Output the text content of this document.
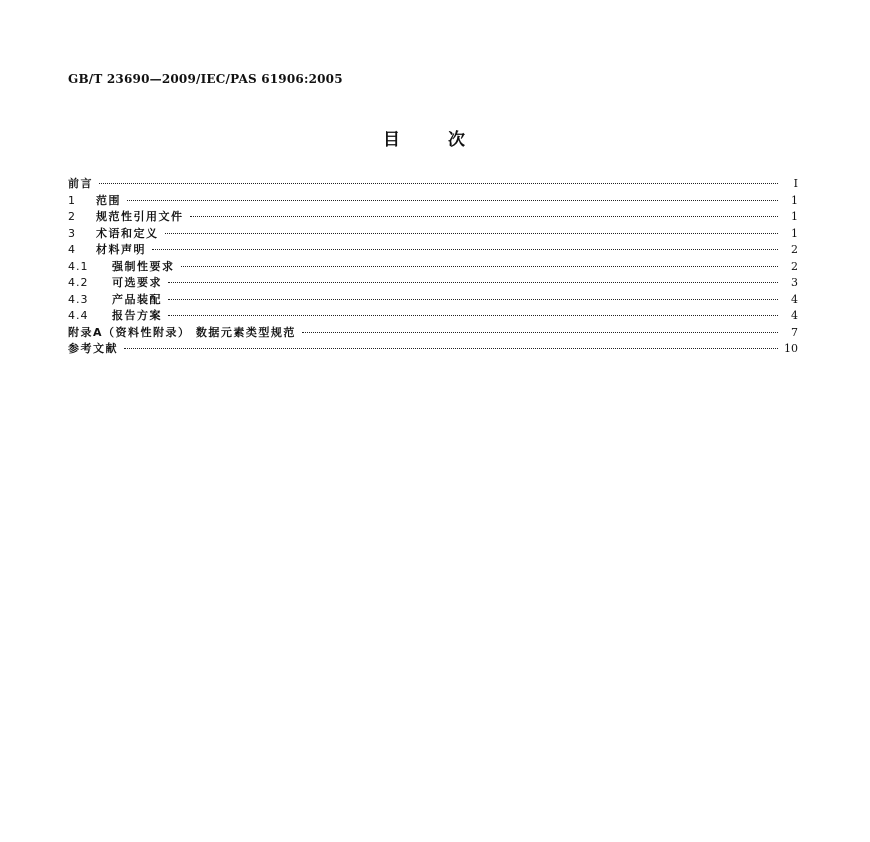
GB/T 23690—2009/IEC/PAS 61906:2005
目次
前言	Ⅰ
1	范围	1
2	规范性引用文件	1
3	术语和定义	1
4	材料声明	2
4.1	强制性要求	2
4.2	可选要求	3
4.3	产品装配	4
4.4	报告方案	4
附录A（资料性附录） 数据元素类型规范	7
参考文献	10
